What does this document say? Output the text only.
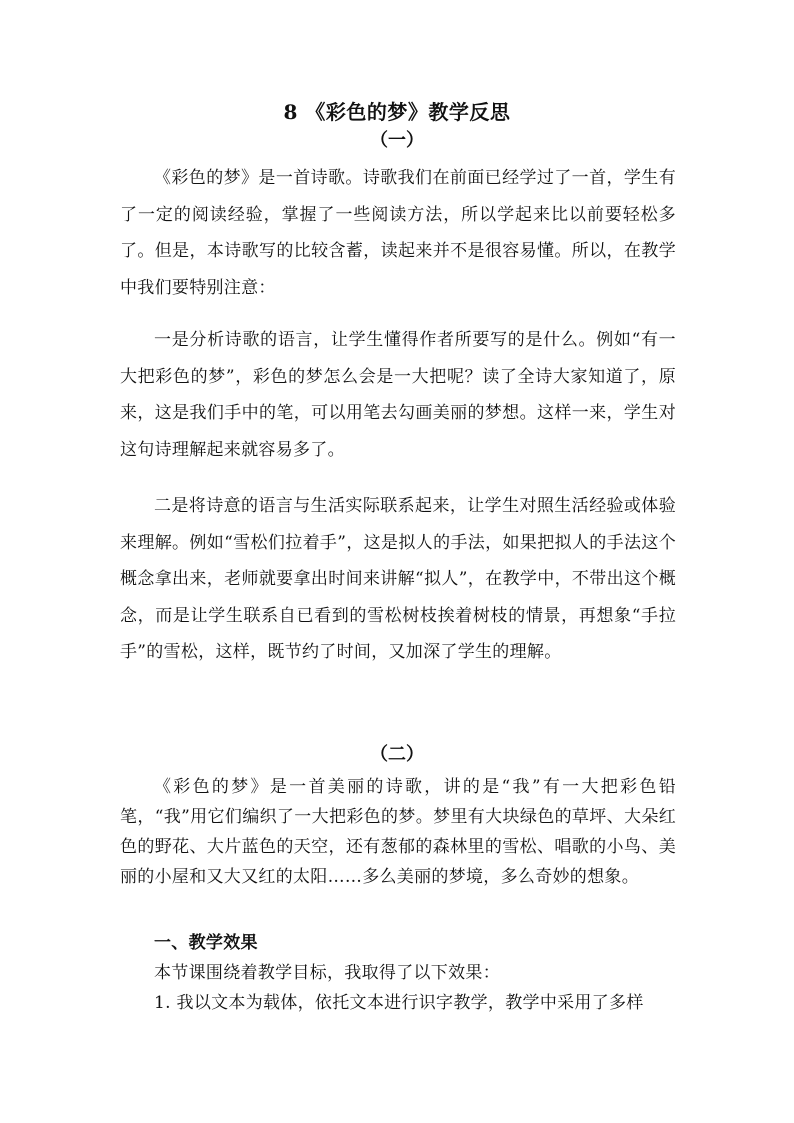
8 《彩色的梦》教学反思
（一）

《彩色的梦》是一首诗歌。诗歌我们在前面已经学过了一首，学生有了一定的阅读经验，掌握了一些阅读方法，所以学起来比以前要轻松多了。但是，本诗歌写的比较含蓄，读起来并不是很容易懂。所以，在教学中我们要特别注意：

一是分析诗歌的语言，让学生懂得作者所要写的是什么。例如“有一大把彩色的梦”，彩色的梦怎么会是一大把呢？读了全诗大家知道了，原来，这是我们手中的笔，可以用笔去勾画美丽的梦想。这样一来，学生对这句诗理解起来就容易多了。

二是将诗意的语言与生活实际联系起来，让学生对照生活经验或体验来理解。例如“雪松们拉着手”，这是拟人的手法，如果把拟人的手法这个概念拿出来，老师就要拿出时间来讲解“拟人”，在教学中，不带出这个概念，而是让学生联系自已看到的雪松树枝挨着树枝的情景，再想象“手拉手”的雪松，这样，既节约了时间，又加深了学生的理解。

（二）

《彩色的梦》是一首美丽的诗歌，讲的是“我”有一大把彩色铅笔，“我”用它们编织了一大把彩色的梦。梦里有大块绿色的草坪、大朵红色的野花、大片蓝色的天空，还有葱郁的森林里的雪松、唱歌的小鸟、美丽的小屋和又大又红的太阳……多么美丽的梦境，多么奇妙的想象。

一、教学效果
本节课围绕着教学目标，我取得了以下效果：

1. 我以文本为载体，依托文本进行识字教学，教学中采用了多样
